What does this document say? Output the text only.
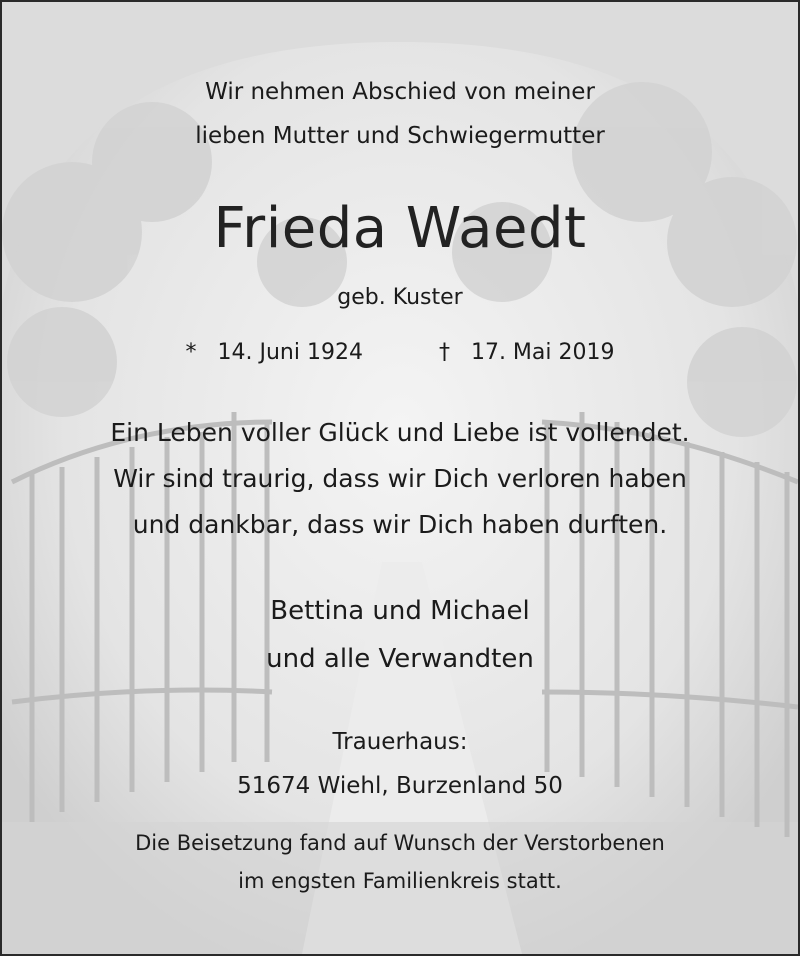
Wir nehmen Abschied von meiner
lieben Mutter und Schwiegermutter
Frieda Waedt
geb. Kuster
* 14. Juni 1924	† 17. Mai 2019
Ein Leben voller Glück und Liebe ist vollendet.
Wir sind traurig, dass wir Dich verloren haben
und dankbar, dass wir Dich haben durften.
Bettina und Michael
und alle Verwandten
Trauerhaus:
51674 Wiehl, Burzenland 50
Die Beisetzung fand auf Wunsch der Verstorbenen
im engsten Familienkreis statt.
